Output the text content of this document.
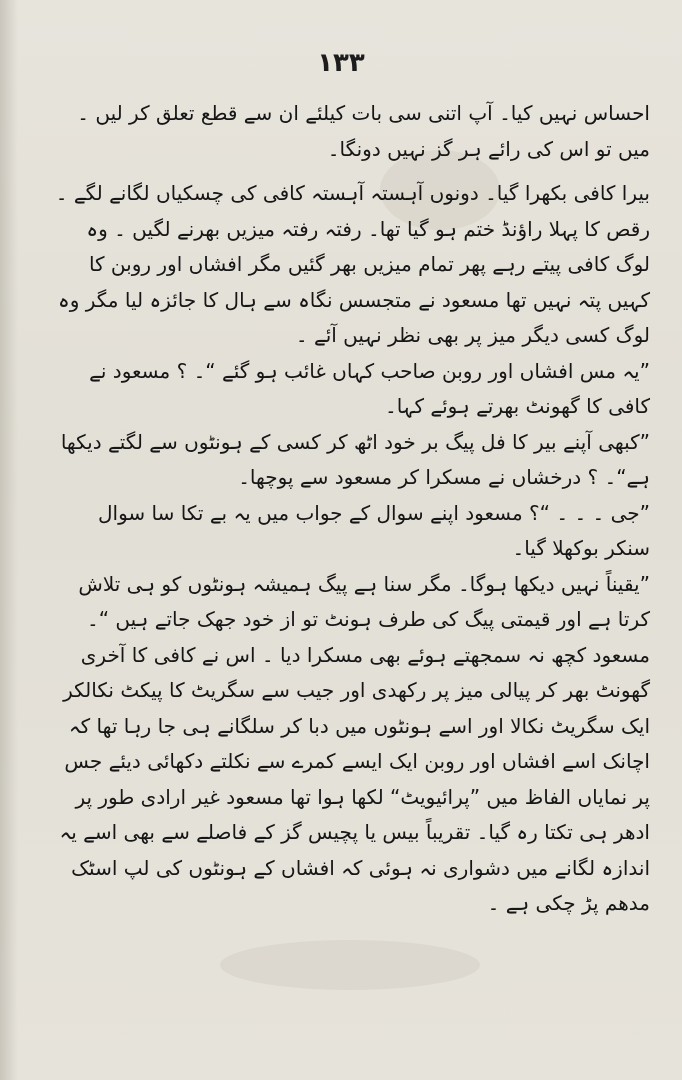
۱۳۳

احساس نہیں کیا۔ آپ اتنی سی بات کیلئے ان سے قطع تعلق کر لیں ۔ میں تو اس کی رائے ہر گز نہیں دونگا۔

بیرا کافی بکھرا گیا۔ دونوں آہستہ آہستہ کافی کی چسکیاں لگانے لگے ۔ رقص کا پہلا راؤنڈ ختم ہو گیا تھا۔ رفتہ رفتہ میزیں بھرنے لگیں ۔ وہ لوگ کافی پیتے رہے پھر تمام میزیں بھر گئیں مگر افشاں اور روبن کا کہیں پتہ نہیں تھا مسعود نے متجسس نگاہ سے ہال کا جائزہ لیا مگر وہ لوگ کسی دیگر میز پر بھی نظر نہیں آئے ۔

”یہ مس افشاں اور روبن صاحب کہاں غائب ہو گئے “۔ ؟ مسعود نے کافی کا گھونٹ بھرتے ہوئے کہا۔

”کبھی آپنے بیر کا فل پیگ بر خود اٹھ کر کسی کے ہونٹوں سے لگتے دیکھا ہے“۔ ؟ درخشاں نے مسکرا کر مسعود سے پوچھا۔

”جی ۔ ۔ ۔ “؟ مسعود اپنے سوال کے جواب میں یہ بے تکا سا سوال سنکر بوکھلا گیا۔

”یقیناً نہیں دیکھا ہوگا۔ مگر سنا ہے پیگ ہمیشہ ہونٹوں کو ہی تلاش کرتا ہے اور قیمتی پیگ کی طرف ہونٹ تو از خود جھک جاتے ہیں “۔

مسعود کچھ نہ سمجھتے ہوئے بھی مسکرا دیا ۔ اس نے کافی کا آخری گھونٹ بھر کر پیالی میز پر رکھدی اور جیب سے سگریٹ کا پیکٹ نکالکر ایک سگریٹ نکالا اور اسے ہونٹوں میں دبا کر سلگانے ہی جا رہا تھا کہ اچانک اسے افشاں اور روبن ایک ایسے کمرے سے نکلتے دکھائی دیئے جس پر نمایاں الفاظ میں ”پرائیویٹ“ لکھا ہوا تھا مسعود غیر ارادی طور پر ادھر ہی تکتا رہ گیا۔ تقریباً بیس یا پچیس گز کے فاصلے سے بھی اسے یہ اندازہ لگانے میں دشواری نہ ہوئی کہ افشاں کے ہونٹوں کی لپ اسٹک مدھم پڑ چکی ہے ۔
